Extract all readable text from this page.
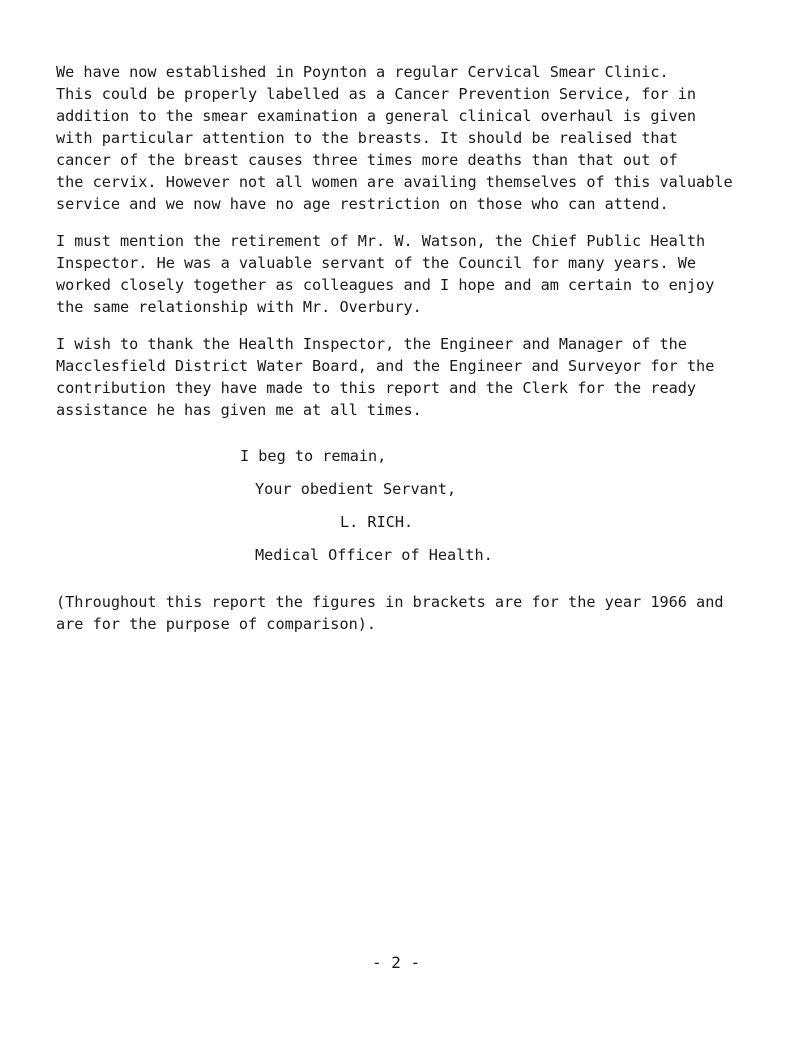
We have now established in Poynton a regular Cervical Smear Clinic.

This could be properly labelled as a Cancer Prevention Service, for in

addition to the smear examination a general clinical overhaul is given

with particular attention to the breasts. It should be realised that

cancer of the breast causes three times more deaths than that out of

the cervix. However not all women are availing themselves of this valuable

service and we now have no age restriction on those who can attend.

I must mention the retirement of Mr. W. Watson, the Chief Public Health

Inspector. He was a valuable servant of the Council for many years. We

worked closely together as colleagues and I hope and am certain to enjoy

the same relationship with Mr. Overbury.

I wish to thank the Health Inspector, the Engineer and Manager of the

Macclesfield District Water Board, and the Engineer and Surveyor for the

contribution they have made to this report and the Clerk for the ready

assistance he has given me at all times.

I beg to remain,

Your obedient Servant,

L. RICH.

Medical Officer of Health.

(Throughout this report the figures in brackets are for the year 1966 and

are for the purpose of comparison).

- 2 -
